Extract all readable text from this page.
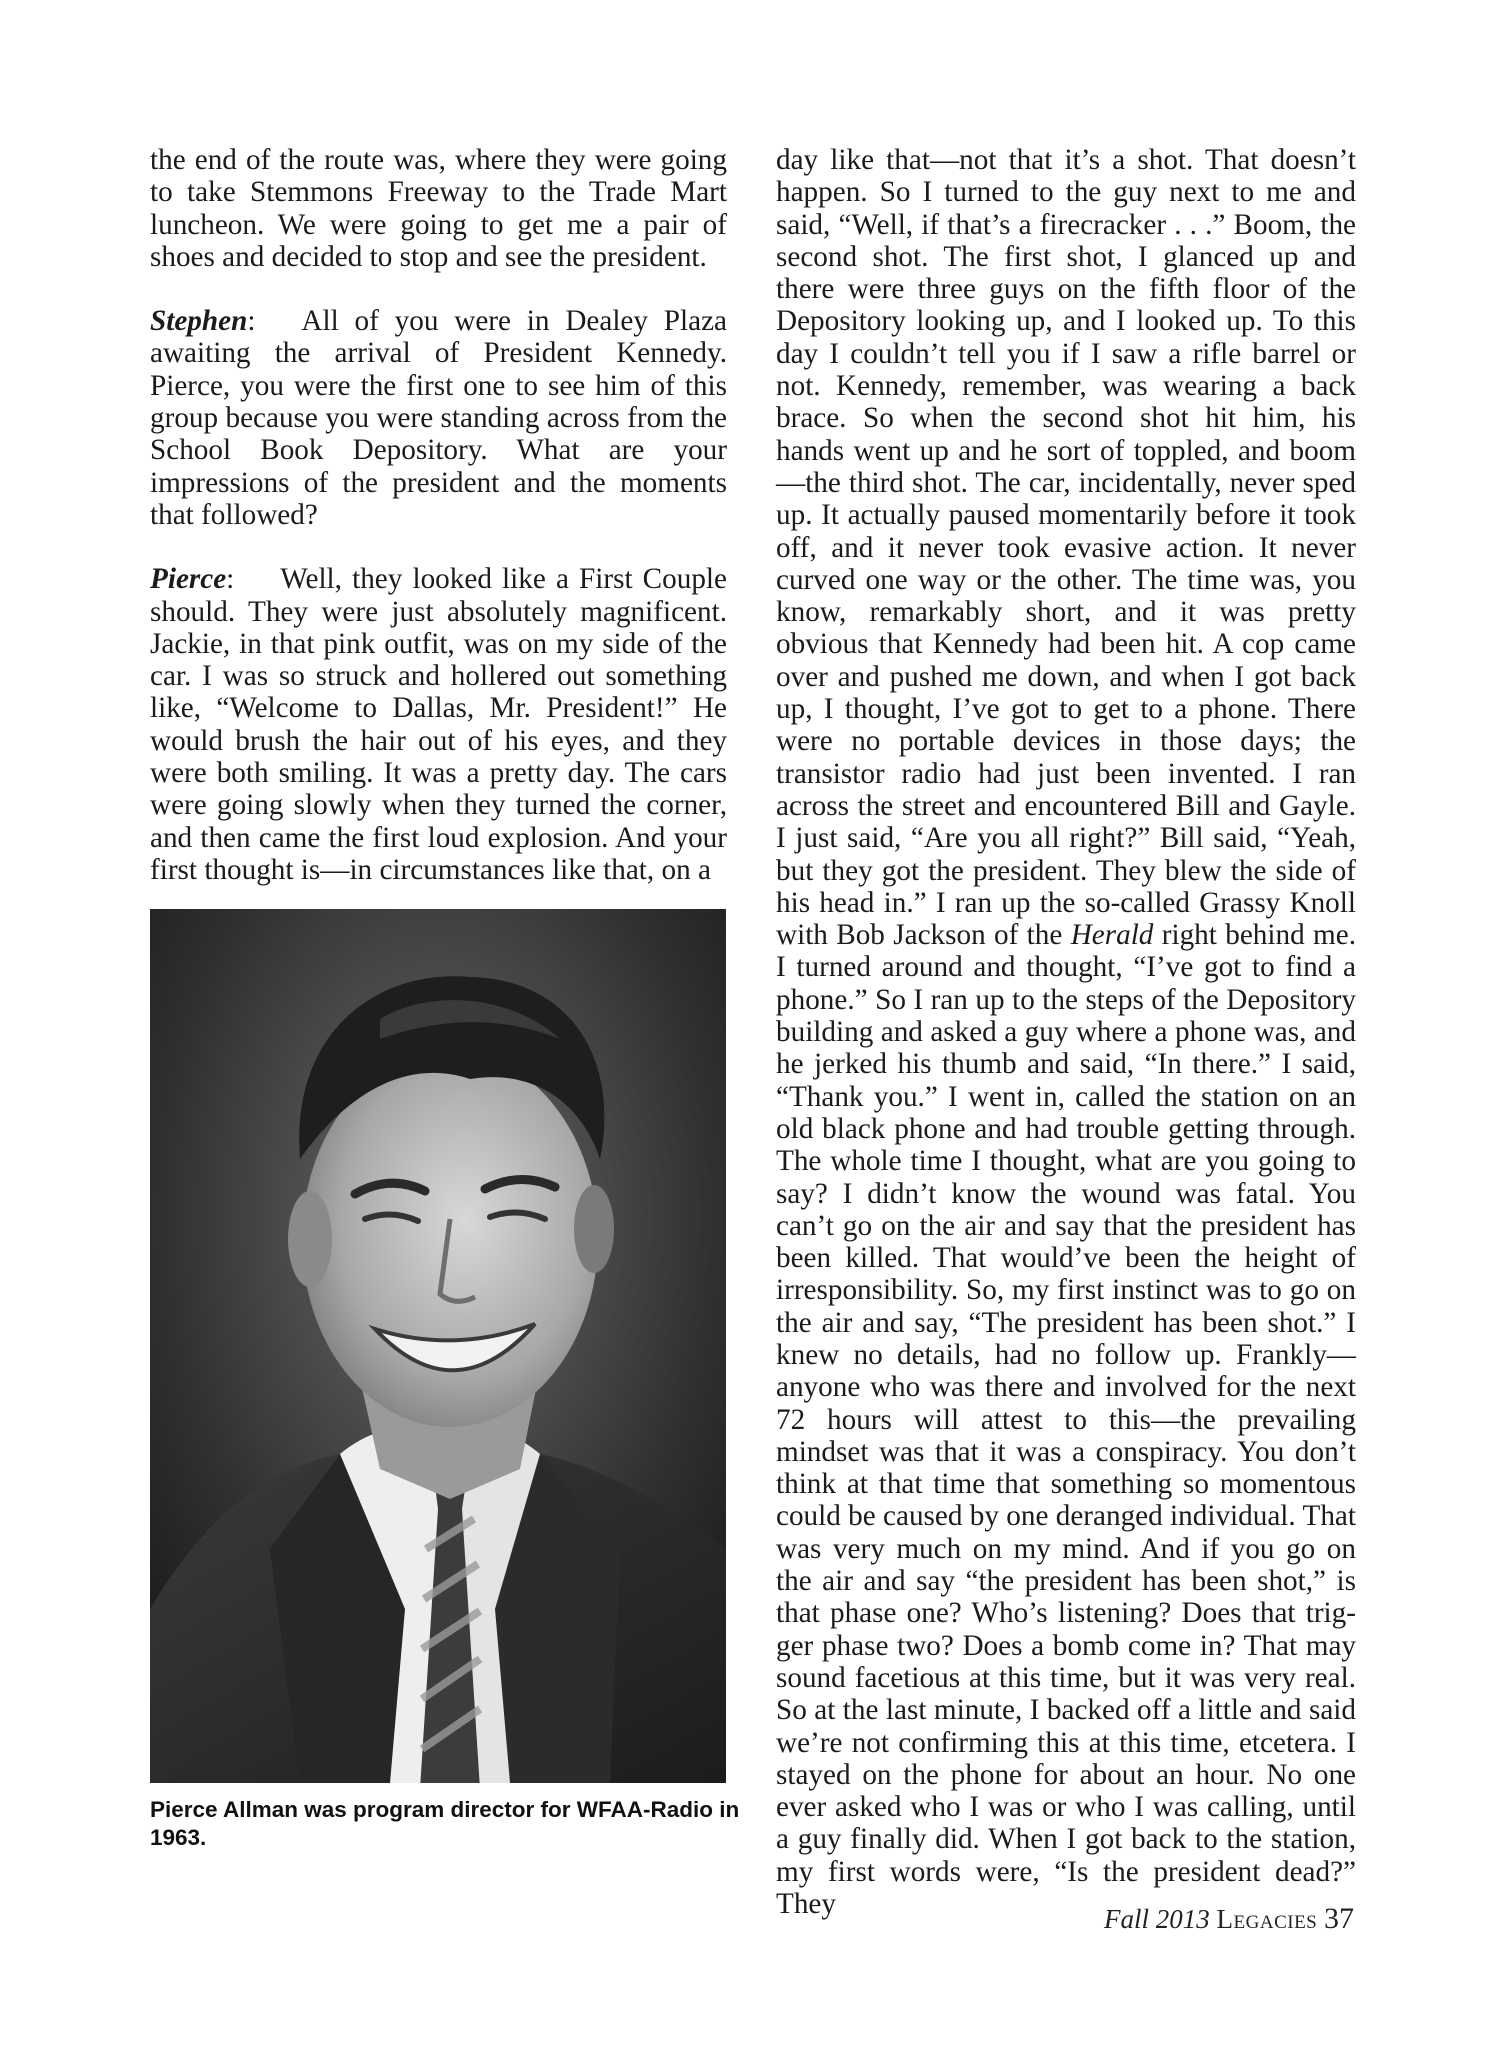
the end of the route was, where they were going to take Stemmons Freeway to the Trade Mart luncheon. We were going to get me a pair of shoes and decided to stop and see the president.

Stephen: All of you were in Dealey Plaza awaiting the arrival of President Kennedy. Pierce, you were the first one to see him of this group because you were standing across from the School Book Depository. What are your impressions of the president and the moments that followed?

Pierce: Well, they looked like a First Couple should. They were just absolutely magnificent. Jackie, in that pink outfit, was on my side of the car. I was so struck and hollered out something like, “Welcome to Dallas, Mr. President!” He would brush the hair out of his eyes, and they were both smiling. It was a pretty day. The cars were going slowly when they turned the corner, and then came the first loud explosion. And your first thought is—in circumstances like that, on a

Pierce Allman was program director for WFAA-Radio in 1963.

day like that—not that it’s a shot. That doesn’t happen. So I turned to the guy next to me and said, “Well, if that’s a firecracker . . .” Boom, the second shot. The first shot, I glanced up and there were three guys on the fifth floor of the Depository looking up, and I looked up. To this day I couldn’t tell you if I saw a rifle barrel or not. Kennedy, remember, was wearing a back brace. So when the second shot hit him, his hands went up and he sort of toppled, and boom—the third shot. The car, incidentally, never sped up. It actually paused momentarily before it took off, and it never took evasive action. It never curved one way or the other. The time was, you know, remarkably short, and it was pretty obvious that Kennedy had been hit. A cop came over and pushed me down, and when I got back up, I thought, I’ve got to get to a phone. There were no portable devices in those days; the transistor radio had just been invented. I ran across the street and encountered Bill and Gayle. I just said, “Are you all right?” Bill said, “Yeah, but they got the president. They blew the side of his head in.” I ran up the so-called Grassy Knoll with Bob Jackson of the Herald right behind me. I turned around and thought, “I’ve got to find a phone.” So I ran up to the steps of the Depository building and asked a guy where a phone was, and he jerked his thumb and said, “In there.” I said, “Thank you.” I went in, called the station on an old black phone and had trouble getting through. The whole time I thought, what are you going to say? I didn’t know the wound was fatal. You can’t go on the air and say that the president has been killed. That would’ve been the height of irresponsibility. So, my first instinct was to go on the air and say, “The president has been shot.” I knew no details, had no follow up. Frankly—anyone who was there and involved for the next 72 hours will attest to this—the prevailing mindset was that it was a conspiracy. You don’t think at that time that something so momentous could be caused by one deranged individual. That was very much on my mind. And if you go on the air and say “the president has been shot,” is that phase one? Who’s listening? Does that trigger phase two? Does a bomb come in? That may sound facetious at this time, but it was very real. So at the last minute, I backed off a little and said we’re not confirming this at this time, etcetera. I stayed on the phone for about an hour. No one ever asked who I was or who I was calling, until a guy finally did. When I got back to the station, my first words were, “Is the president dead?” They	Fall 2013 Legacies 37
